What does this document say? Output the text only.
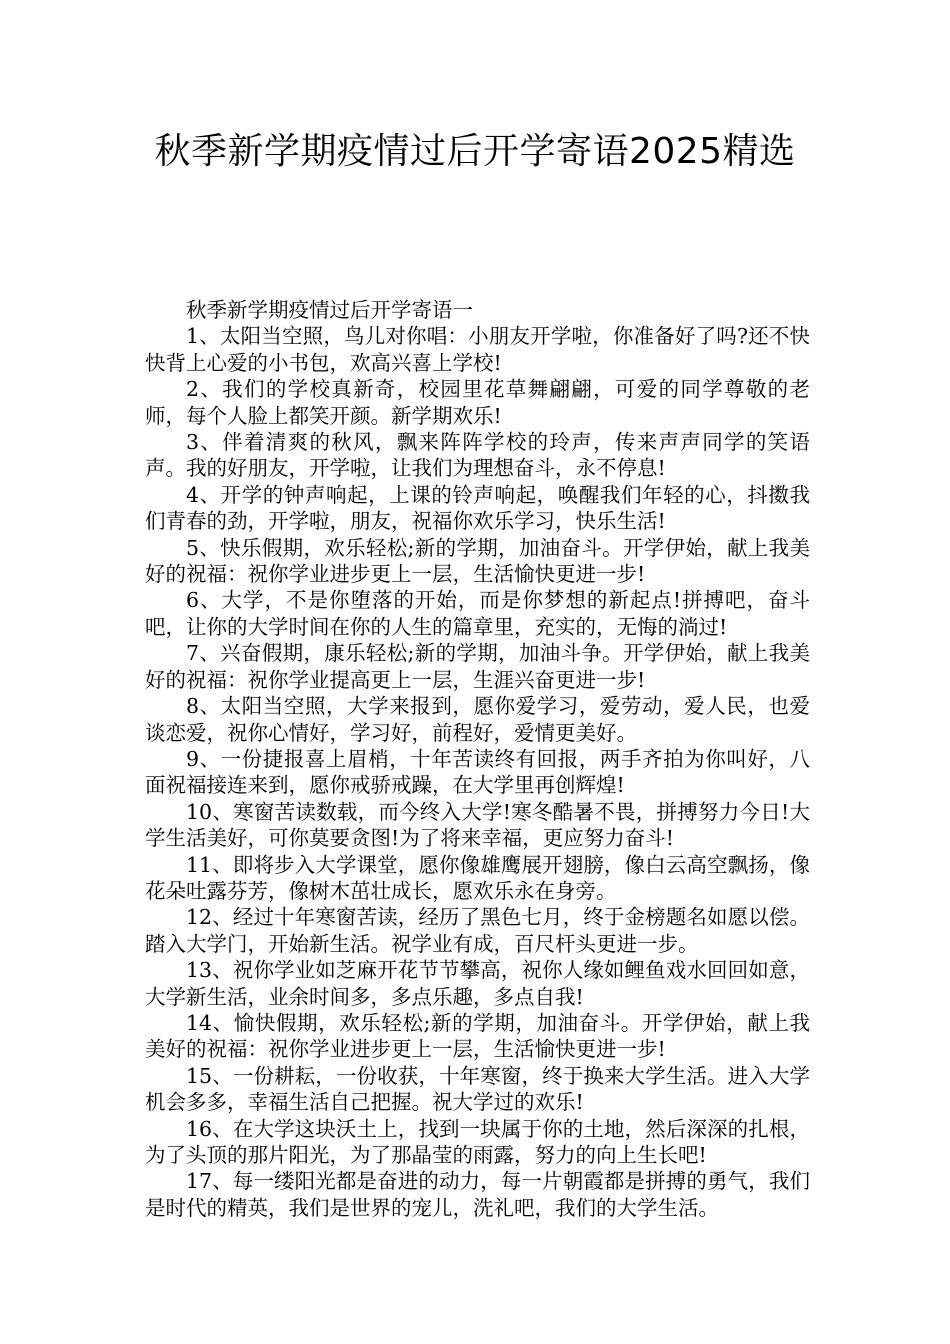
秋季新学期疫情过后开学寄语2025精选

秋季新学期疫情过后开学寄语一

1、太阳当空照，鸟儿对你唱：小朋友开学啦，你准备好了吗?还不快快背上心爱的小书包，欢高兴喜上学校!

2、我们的学校真新奇，校园里花草舞翩翩，可爱的同学尊敬的老师，每个人脸上都笑开颜。新学期欢乐!

3、伴着清爽的秋风，飘来阵阵学校的玲声，传来声声同学的笑语声。我的好朋友，开学啦，让我们为理想奋斗，永不停息!

4、开学的钟声响起，上课的铃声响起，唤醒我们年轻的心，抖擞我们青春的劲，开学啦，朋友，祝福你欢乐学习，快乐生活!

5、快乐假期，欢乐轻松;新的学期，加油奋斗。开学伊始，献上我美好的祝福：祝你学业进步更上一层，生活愉快更进一步!

6、大学，不是你堕落的开始，而是你梦想的新起点!拼搏吧，奋斗吧，让你的大学时间在你的人生的篇章里，充实的，无悔的淌过!

7、兴奋假期，康乐轻松;新的学期，加油斗争。开学伊始，献上我美好的祝福：祝你学业提高更上一层，生涯兴奋更进一步!

8、太阳当空照，大学来报到，愿你爱学习，爱劳动，爱人民，也爱谈恋爱，祝你心情好，学习好，前程好，爱情更美好。

9、一份捷报喜上眉梢，十年苦读终有回报，两手齐拍为你叫好，八面祝福接连来到，愿你戒骄戒躁，在大学里再创辉煌!

10、寒窗苦读数载，而今终入大学!寒冬酷暑不畏，拼搏努力今日!大学生活美好，可你莫要贪图!为了将来幸福，更应努力奋斗!

11、即将步入大学课堂，愿你像雄鹰展开翅膀，像白云高空飘扬，像花朵吐露芬芳，像树木茁壮成长，愿欢乐永在身旁。

12、经过十年寒窗苦读，经历了黑色七月，终于金榜题名如愿以偿。踏入大学门，开始新生活。祝学业有成，百尺杆头更进一步。

13、祝你学业如芝麻开花节节攀高，祝你人缘如鲤鱼戏水回回如意，大学新生活，业余时间多，多点乐趣，多点自我!

14、愉快假期，欢乐轻松;新的学期，加油奋斗。开学伊始，献上我美好的祝福：祝你学业进步更上一层，生活愉快更进一步!

15、一份耕耘，一份收获，十年寒窗，终于换来大学生活。进入大学机会多多，幸福生活自己把握。祝大学过的欢乐!

16、在大学这块沃土上，找到一块属于你的土地，然后深深的扎根，为了头顶的那片阳光，为了那晶莹的雨露，努力的向上生长吧!

17、每一缕阳光都是奋进的动力，每一片朝霞都是拼搏的勇气，我们是时代的精英，我们是世界的宠儿，洗礼吧，我们的大学生活。
